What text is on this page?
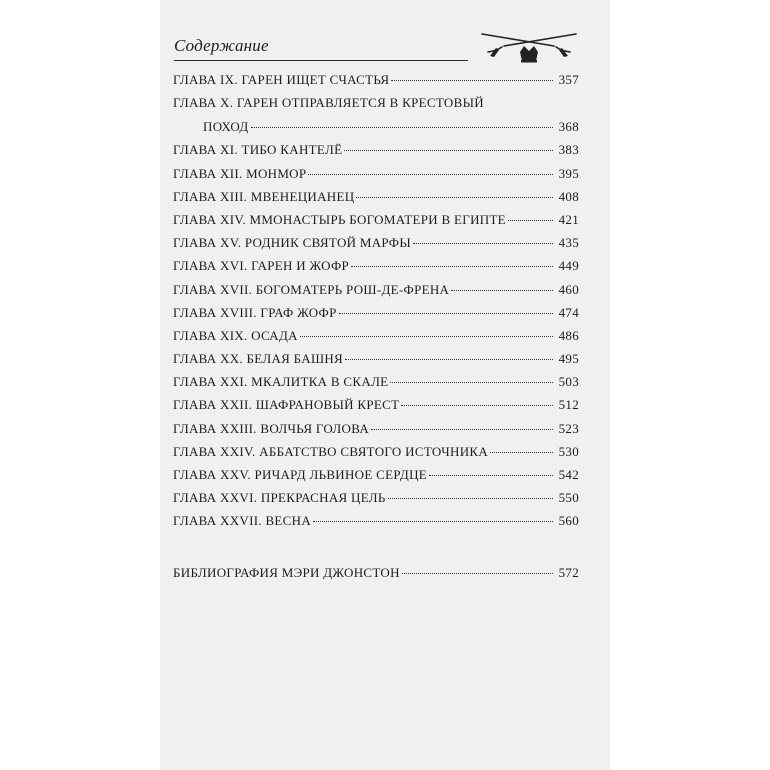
Содержание
ГЛАВА IX. ГАРЕН ИЩЕТ СЧАСТЬЯ	357
ГЛАВА X. ГАРЕН ОТПРАВЛЯЕТСЯ В КРЕСТОВЫЙ
ПОХОД	368
ГЛАВА XI. ТИБО КАНТЕЛЁ	383
ГЛАВА XII. МОНМОР	395
ГЛАВА XIII. МВЕНЕЦИАНЕЦ	408
ГЛАВА XIV. ММОНАСТЫРЬ БОГОМАТЕРИ В ЕГИПТЕ	421
ГЛАВА XV. РОДНИК СВЯТОЙ МАРФЫ	435
ГЛАВА XVI. ГАРЕН И ЖОФР	449
ГЛАВА XVII. БОГОМАТЕРЬ РОШ-ДЕ-ФРЕНА	460
ГЛАВА XVIII. ГРАФ ЖОФР	474
ГЛАВА XIX. ОСАДА	486
ГЛАВА XX. БЕЛАЯ БАШНЯ	495
ГЛАВА XXI. МКАЛИТКА В СКАЛЕ	503
ГЛАВА XXII. ШАФРАНОВЫЙ КРЕСТ	512
ГЛАВА XXIII. ВОЛЧЬЯ ГОЛОВА	523
ГЛАВА XXIV. АББАТСТВО СВЯТОГО ИСТОЧНИКА	530
ГЛАВА XXV. РИЧАРД ЛЬВИНОЕ СЕРДЦЕ	542
ГЛАВА XXVI. ПРЕКРАСНАЯ ЦЕЛЬ	550
ГЛАВА XXVII. ВЕСНА	560
БИБЛИОГРАФИЯ МЭРИ ДЖОНСТОН	572
